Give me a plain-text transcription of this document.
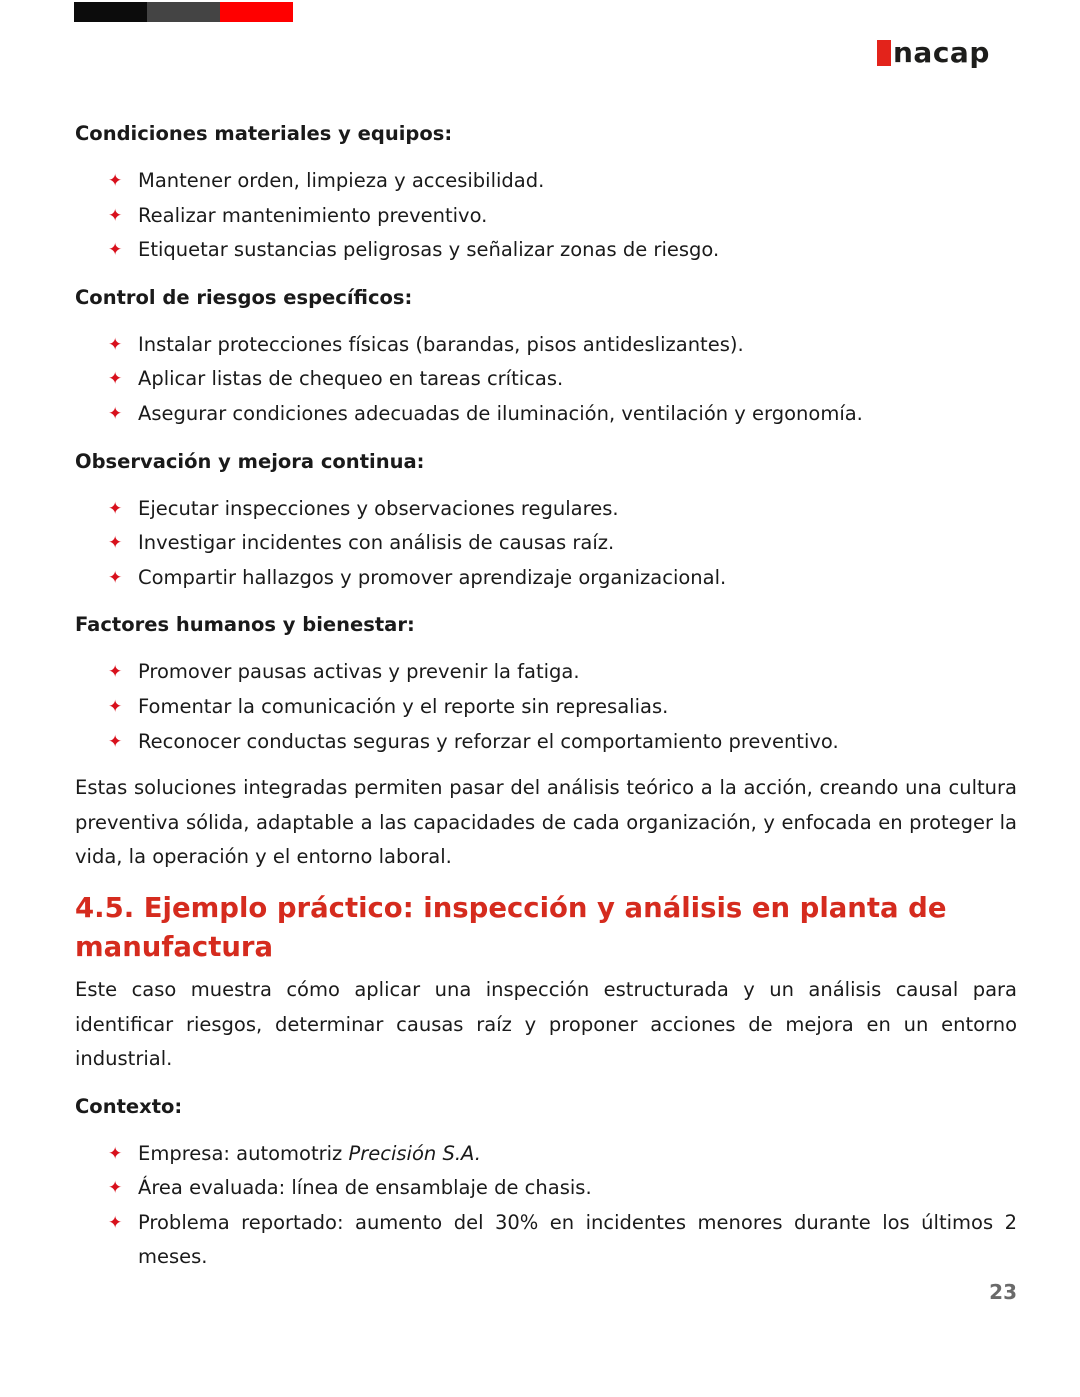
nacap
Condiciones materiales y equipos:
✦ Mantener orden, limpieza y accesibilidad.
✦ Realizar mantenimiento preventivo.
✦ Etiquetar sustancias peligrosas y señalizar zonas de riesgo.
Control de riesgos específicos:
✦ Instalar protecciones físicas (barandas, pisos antideslizantes).
✦ Aplicar listas de chequeo en tareas críticas.
✦ Asegurar condiciones adecuadas de iluminación, ventilación y ergonomía.
Observación y mejora continua:
✦ Ejecutar inspecciones y observaciones regulares.
✦ Investigar incidentes con análisis de causas raíz.
✦ Compartir hallazgos y promover aprendizaje organizacional.
Factores humanos y bienestar:
✦ Promover pausas activas y prevenir la fatiga.
✦ Fomentar la comunicación y el reporte sin represalias.
✦ Reconocer conductas seguras y reforzar el comportamiento preventivo.

Estas soluciones integradas permiten pasar del análisis teórico a la acción, creando una cultura preventiva sólida, adaptable a las capacidades de cada organización, y enfocada en proteger la vida, la operación y el entorno laboral.

4.5. Ejemplo práctico: inspección y análisis en planta de manufactura

Este caso muestra cómo aplicar una inspección estructurada y un análisis causal para identificar riesgos, determinar causas raíz y proponer acciones de mejora en un entorno industrial.

Contexto:
✦ Empresa: automotriz Precisión S.A.
✦ Área evaluada: línea de ensamblaje de chasis.
✦ Problema reportado: aumento del 30% en incidentes menores durante los últimos 2 meses.
23
